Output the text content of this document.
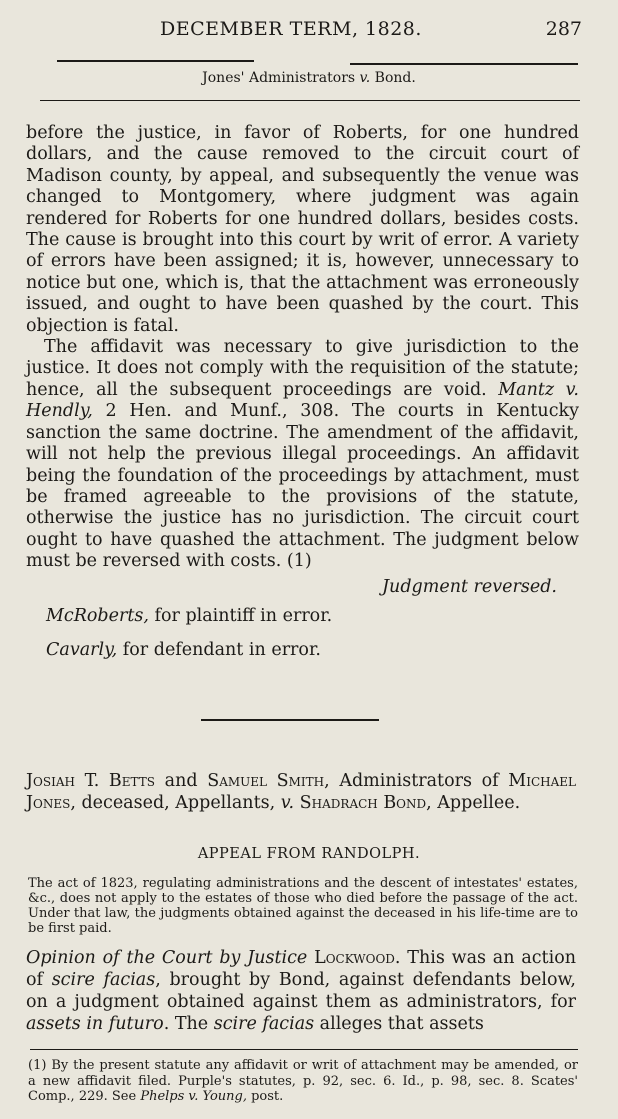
DECEMBER TERM, 1828.	287
Jones' Administrators v. Bond.

before the justice, in favor of Roberts, for one hundred dollars, and the cause removed to the circuit court of Madison county, by appeal, and subsequently the venue was changed to Montgomery, where judgment was again rendered for Roberts for one hundred dollars, besides costs. The cause is brought into this court by writ of error. A variety of errors have been assigned; it is, however, unnecessary to notice but one, which is, that the attachment was erroneously issued, and ought to have been quashed by the court. This objection is fatal.

The affidavit was necessary to give jurisdiction to the justice. It does not comply with the requisition of the statute; hence, all the subsequent proceedings are void. Mantz v. Hendly, 2 Hen. and Munf., 308. The courts in Kentucky sanction the same doctrine. The amendment of the affidavit, will not help the previous illegal proceedings. An affidavit being the foundation of the proceedings by attachment, must be framed agreeable to the provisions of the statute, otherwise the justice has no jurisdiction. The circuit court ought to have quashed the attachment. The judgment below must be reversed with costs. (1)

Judgment reversed.

McRoberts, for plaintiff in error.
Cavarly, for defendant in error.
Josiah T. Betts and Samuel Smith, Administrators of Michael Jones, deceased, Appellants, v. Shadrach Bond, Appellee.
APPEAL FROM RANDOLPH.
The act of 1823, regulating administrations and the descent of intestates' estates, &c., does not apply to the estates of those who died before the passage of the act. Under that law, the judgments obtained against the deceased in his life-time are to be first paid.
Opinion of the Court by Justice Lockwood. This was an action of scire facias, brought by Bond, against defendants below, on a judgment obtained against them as administrators, for assets in futuro. The scire facias alleges that assets
(1) By the present statute any affidavit or writ of attachment may be amended, or a new affidavit filed. Purple's statutes, p. 92, sec. 6. Id., p. 98, sec. 8. Scates' Comp., 229. See Phelps v. Young, post.
